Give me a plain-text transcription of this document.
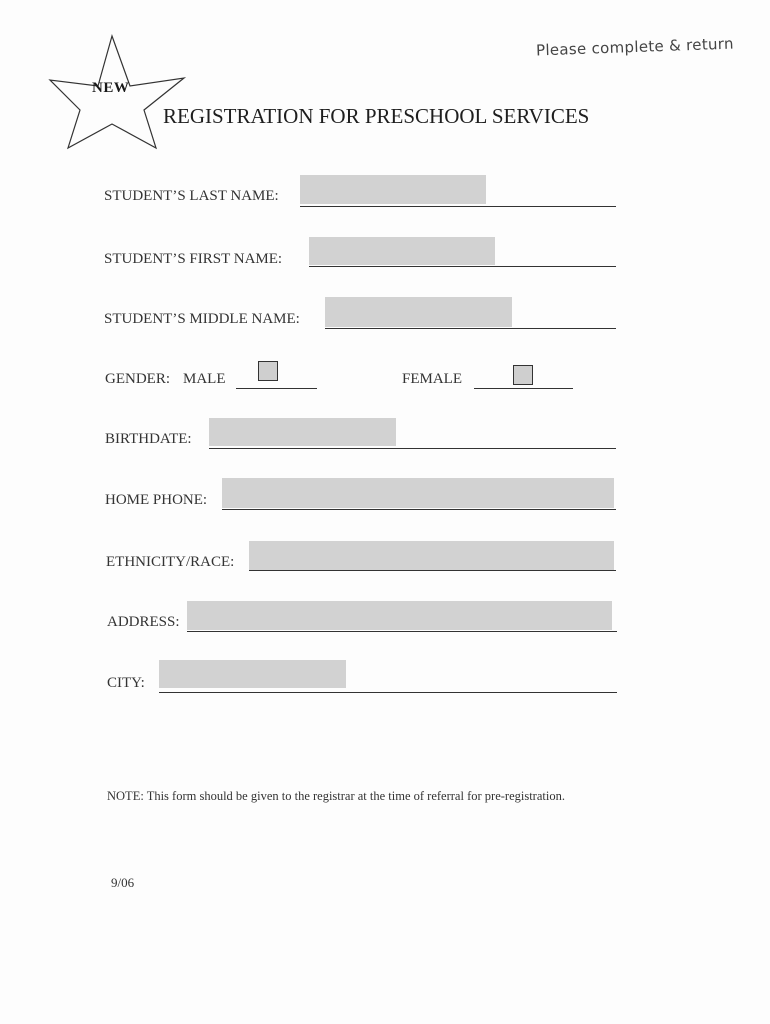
NEW
Please complete & return
REGISTRATION FOR PRESCHOOL SERVICES
STUDENT’S LAST NAME:
STUDENT’S FIRST NAME:
STUDENT’S MIDDLE NAME:
GENDER: MALE	FEMALE
BIRTHDATE:
HOME PHONE:
ETHNICITY/RACE:
ADDRESS:
CITY:
NOTE: This form should be given to the registrar at the time of referral for pre-registration.
9/06
